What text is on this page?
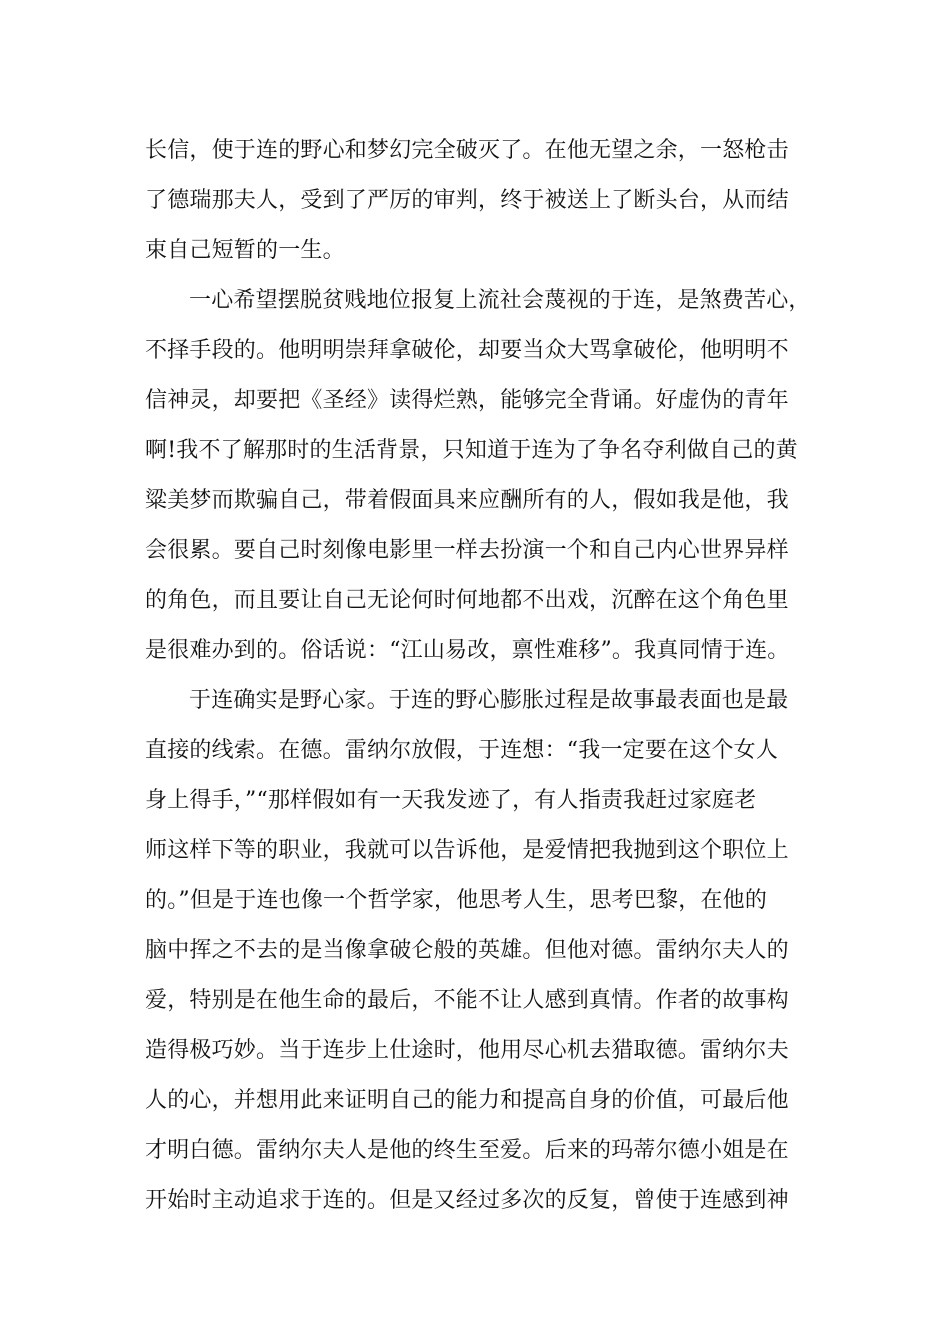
长信，使于连的野心和梦幻完全破灭了。在他无望之余，一怒枪击
了德瑞那夫人，受到了严厉的审判，终于被送上了断头台，从而结
束自己短暂的一生。
一心希望摆脱贫贱地位报复上流社会蔑视的于连，是煞费苦心，
不择手段的。他明明崇拜拿破伦，却要当众大骂拿破伦，他明明不
信神灵，却要把《圣经》读得烂熟，能够完全背诵。好虚伪的青年
啊!我不了解那时的生活背景，只知道于连为了争名夺利做自己的黄
粱美梦而欺骗自己，带着假面具来应酬所有的人，假如我是他，我
会很累。要自己时刻像电影里一样去扮演一个和自己内心世界异样
的角色，而且要让自己无论何时何地都不出戏，沉醉在这个角色里
是很难办到的。俗话说：“江山易改，禀性难移”。我真同情于连。
于连确实是野心家。于连的野心膨胀过程是故事最表面也是最
直接的线索。在德。雷纳尔放假，于连想：“我一定要在这个女人
身上得手，”“那样假如有一天我发迹了，有人指责我赶过家庭老
师这样下等的职业，我就可以告诉他，是爱情把我抛到这个职位上
的。”但是于连也像一个哲学家，他思考人生，思考巴黎，在他的
脑中挥之不去的是当像拿破仑般的英雄。但他对德。雷纳尔夫人的
爱，特别是在他生命的最后，不能不让人感到真情。作者的故事构
造得极巧妙。当于连步上仕途时，他用尽心机去猎取德。雷纳尔夫
人的心，并想用此来证明自己的能力和提高自身的价值，可最后他
才明白德。雷纳尔夫人是他的终生至爱。后来的玛蒂尔德小姐是在
开始时主动追求于连的。但是又经过多次的反复，曾使于连感到神
